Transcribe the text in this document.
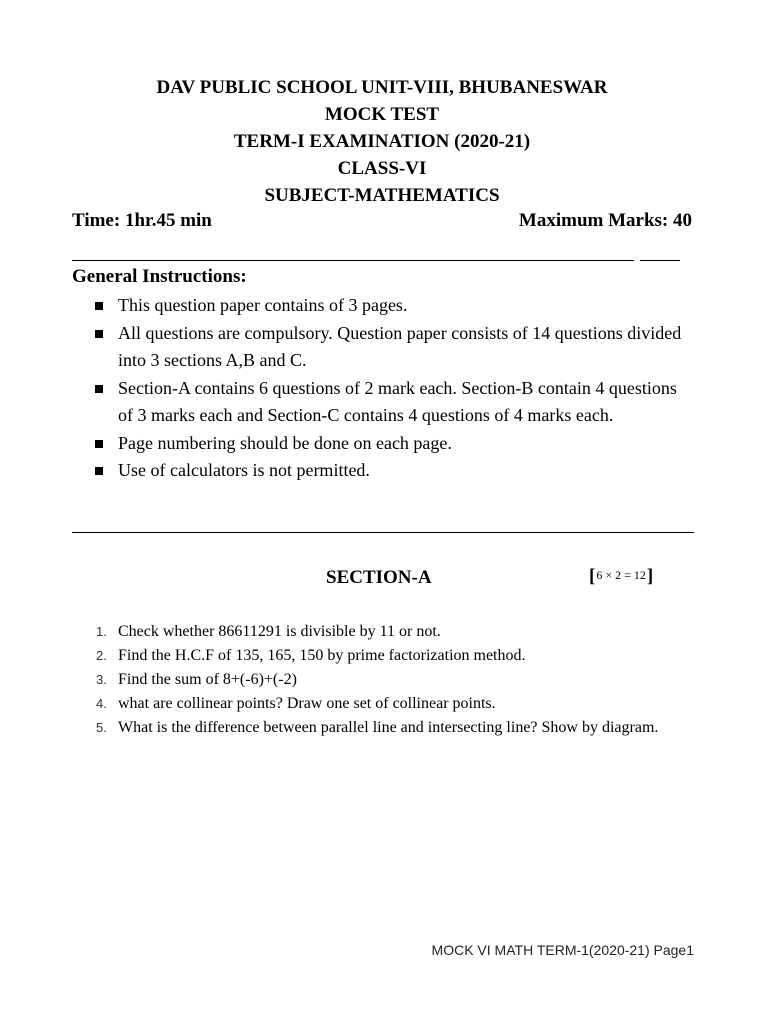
DAV PUBLIC SCHOOL UNIT-VIII, BHUBANESWAR
MOCK TEST
TERM-I EXAMINATION (2020-21)
CLASS-VI
SUBJECT-MATHEMATICS
Time: 1hr.45 min	Maximum Marks: 40
General Instructions:
This question paper contains of 3 pages.
All questions are compulsory. Question paper consists of 14 questions divided into 3 sections A,B and C.
Section-A contains 6 questions of 2 mark each. Section-B contain 4 questions of 3 marks each and Section-C contains 4 questions of 4 marks each.
Page numbering should be done on each page.
Use of calculators is not permitted.
SECTION-A	[6 × 2 = 12]
1. Check whether 86611291 is divisible by 11 or not.
2. Find the H.C.F of 135, 165, 150 by prime factorization method.
3. Find the sum of 8+(-6)+(-2)
4. what are collinear points? Draw one set of collinear points.
5. What is the difference between parallel line and intersecting line? Show by diagram.
MOCK VI MATH TERM-1(2020-21) Page1
